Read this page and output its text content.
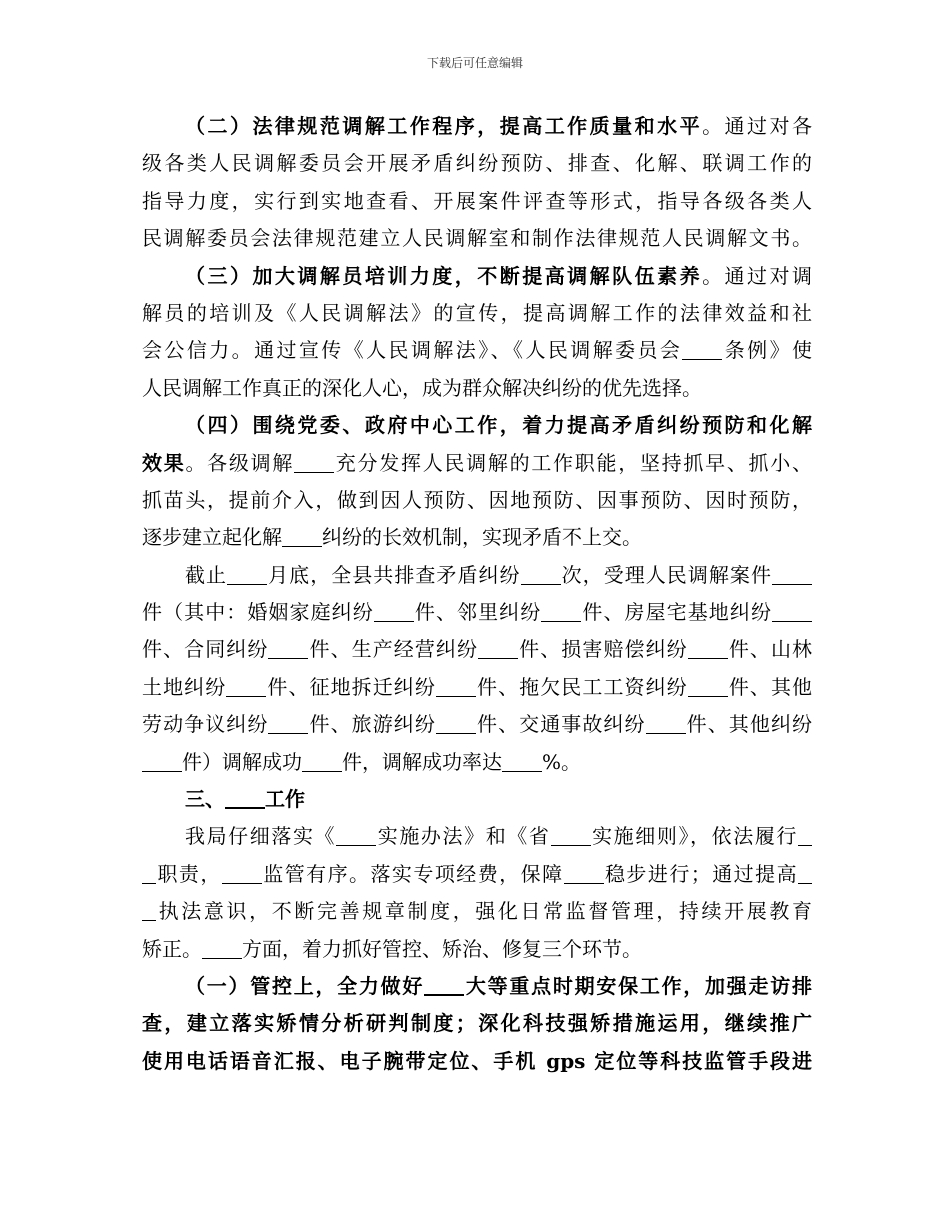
下载后可任意编辑
（二）法律规范调解工作程序，提高工作质量和水平。通过对各
级各类人民调解委员会开展矛盾纠纷预防、排查、化解、联调工作的
指导力度，实行到实地查看、开展案件评查等形式，指导各级各类人
民调解委员会法律规范建立人民调解室和制作法律规范人民调解文书。
（三）加大调解员培训力度，不断提高调解队伍素养。通过对调
解员的培训及《人民调解法》的宣传，提高调解工作的法律效益和社
会公信力。通过宣传《人民调解法》、《人民调解委员会 条例》使
人民调解工作真正的深化人心，成为群众解决纠纷的优先选择。
（四）围绕党委、政府中心工作，着力提高矛盾纠纷预防和化解
效果。各级调解 充分发挥人民调解的工作职能，坚持抓早、抓小、
抓苗头，提前介入，做到因人预防、因地预防、因事预防、因时预防，
逐步建立起化解 纠纷的长效机制，实现矛盾不上交。
截止 月底，全县共排查矛盾纠纷 次，受理人民调解案件
件（其中：婚姻家庭纠纷 件、邻里纠纷 件、房屋宅基地纠纷
件、合同纠纷 件、生产经营纠纷 件、损害赔偿纠纷 件、山林
土地纠纷 件、征地拆迁纠纷 件、拖欠民工工资纠纷 件、其他
劳动争议纠纷 件、旅游纠纷 件、交通事故纠纷 件、其他纠纷
件）调解成功 件，调解成功率达 %。
三、 工作
我局仔细落实《 实施办法》和《省 实施细则》，依法履行
职责， 监管有序。落实专项经费，保障 稳步进行；通过提高
执法意识，不断完善规章制度，强化日常监督管理，持续开展教育
矫正。 方面，着力抓好管控、矫治、修复三个环节。
（一）管控上，全力做好 大等重点时期安保工作，加强走访排
查，建立落实矫情分析研判制度；深化科技强矫措施运用，继续推广
使用电话语音汇报、电子腕带定位、手机 gps 定位等科技监管手段进
